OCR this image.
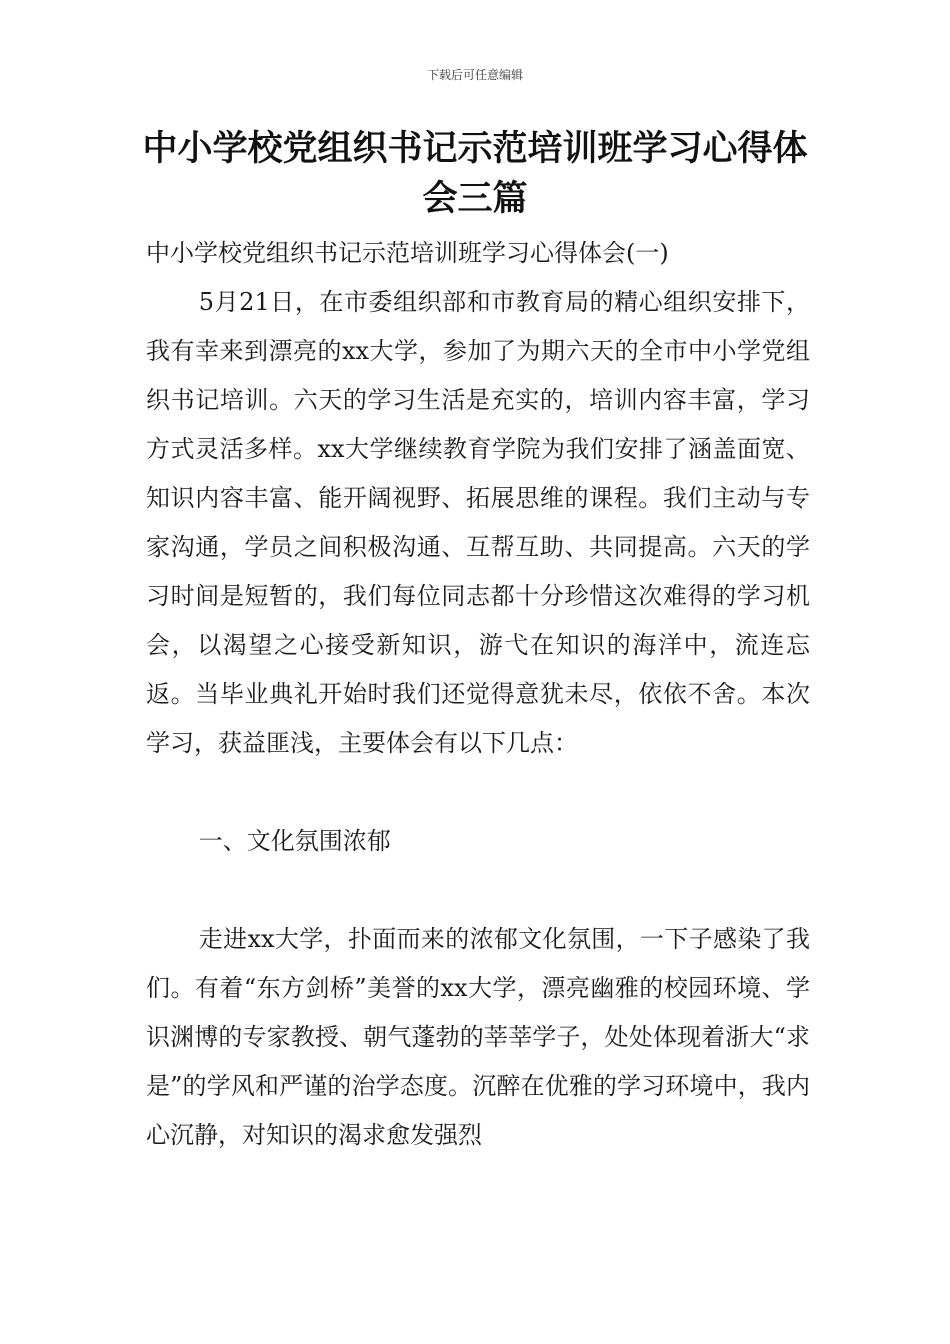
下载后可任意编辑
中小学校党组织书记示范培训班学习心得体会三篇

中小学校党组织书记示范培训班学习心得体会(一)

5月21日，在市委组织部和市教育局的精心组织安排下，我有幸来到漂亮的xx大学，参加了为期六天的全市中小学党组织书记培训。六天的学习生活是充实的，培训内容丰富，学习方式灵活多样。xx大学继续教育学院为我们安排了涵盖面宽、知识内容丰富、能开阔视野、拓展思维的课程。我们主动与专家沟通，学员之间积极沟通、互帮互助、共同提高。六天的学习时间是短暂的，我们每位同志都十分珍惜这次难得的学习机会，以渴望之心接受新知识，游弋在知识的海洋中，流连忘返。当毕业典礼开始时我们还觉得意犹未尽，依依不舍。本次学习，获益匪浅，主要体会有以下几点：

一、文化氛围浓郁

走进xx大学，扑面而来的浓郁文化氛围，一下子感染了我们。有着“东方剑桥”美誉的xx大学，漂亮幽雅的校园环境、学识渊博的专家教授、朝气蓬勃的莘莘学子，处处体现着浙大“求是”的学风和严谨的治学态度。沉醉在优雅的学习环境中，我内心沉静，对知识的渴求愈发强烈
